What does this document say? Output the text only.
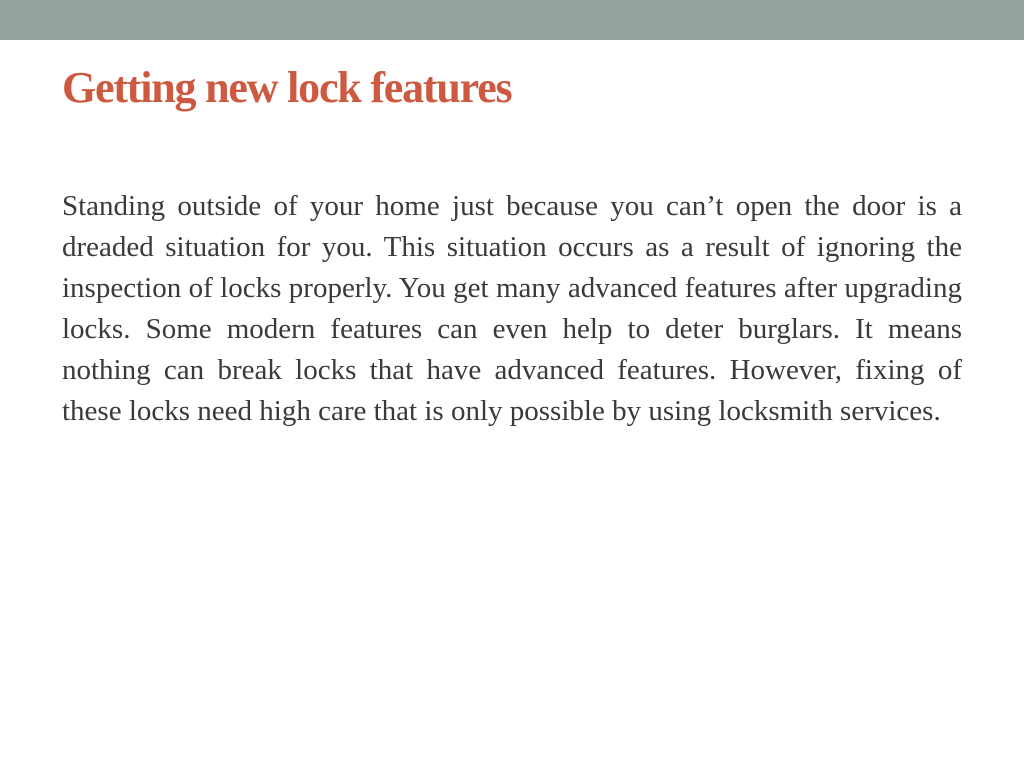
Getting new lock features

Standing outside of your home just because you can’t open the door is a dreaded situation for you. This situation occurs as a result of ignoring the inspection of locks properly. You get many advanced features after upgrading locks. Some modern features can even help to deter burglars. It means nothing can break locks that have advanced features. However, fixing of these locks need high care that is only possible by using locksmith services.
